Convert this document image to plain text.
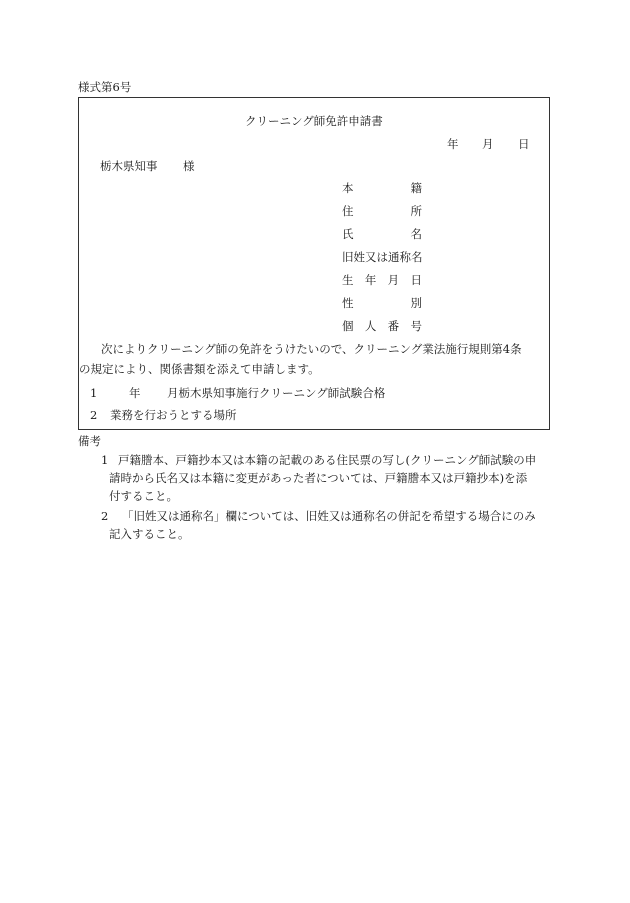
様式第6号
クリーニング師免許申請書
年 月 日
栃木県知事 様
本	籍
住	所
氏	名
旧姓又は通称名
生 年 月 日
性	別
個 人 番 号
次によりクリーニング師の免許をうけたいので、クリーニング業法施行規則第4条
の規定により、関係書類を添えて申請します。
1	年 月栃木県知事施行クリーニング師試験合格
2 業務を行おうとする場所
備考
1 戸籍謄本、戸籍抄本又は本籍の記載のある住民票の写し(クリーニング師試験の申
請時から氏名又は本籍に変更があった者については、戸籍謄本又は戸籍抄本)を添
付すること。
2 「旧姓又は通称名」欄については、旧姓又は通称名の併記を希望する場合にのみ
記入すること。
